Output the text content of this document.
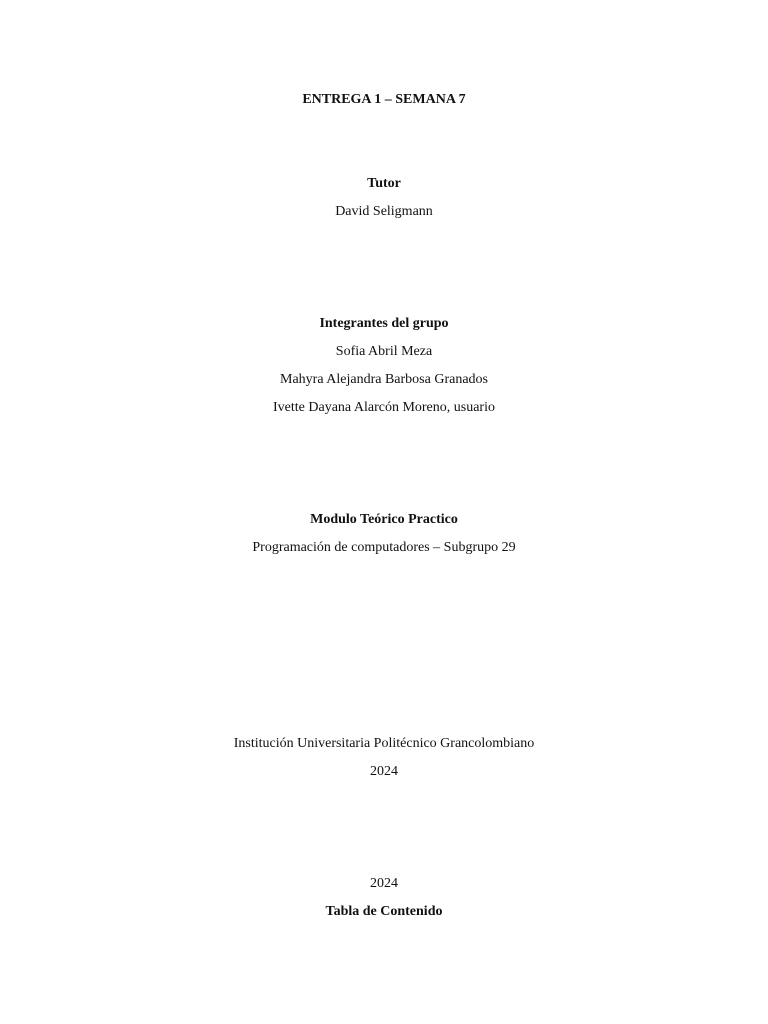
ENTREGA 1 – SEMANA 7
Tutor
David Seligmann
Integrantes del grupo
Sofia Abril Meza
Mahyra Alejandra Barbosa Granados
Ivette Dayana Alarcón Moreno, usuario
Modulo Teórico Practico
Programación de computadores – Subgrupo 29
Institución Universitaria Politécnico Grancolombiano
2024
2024
Tabla de Contenido
